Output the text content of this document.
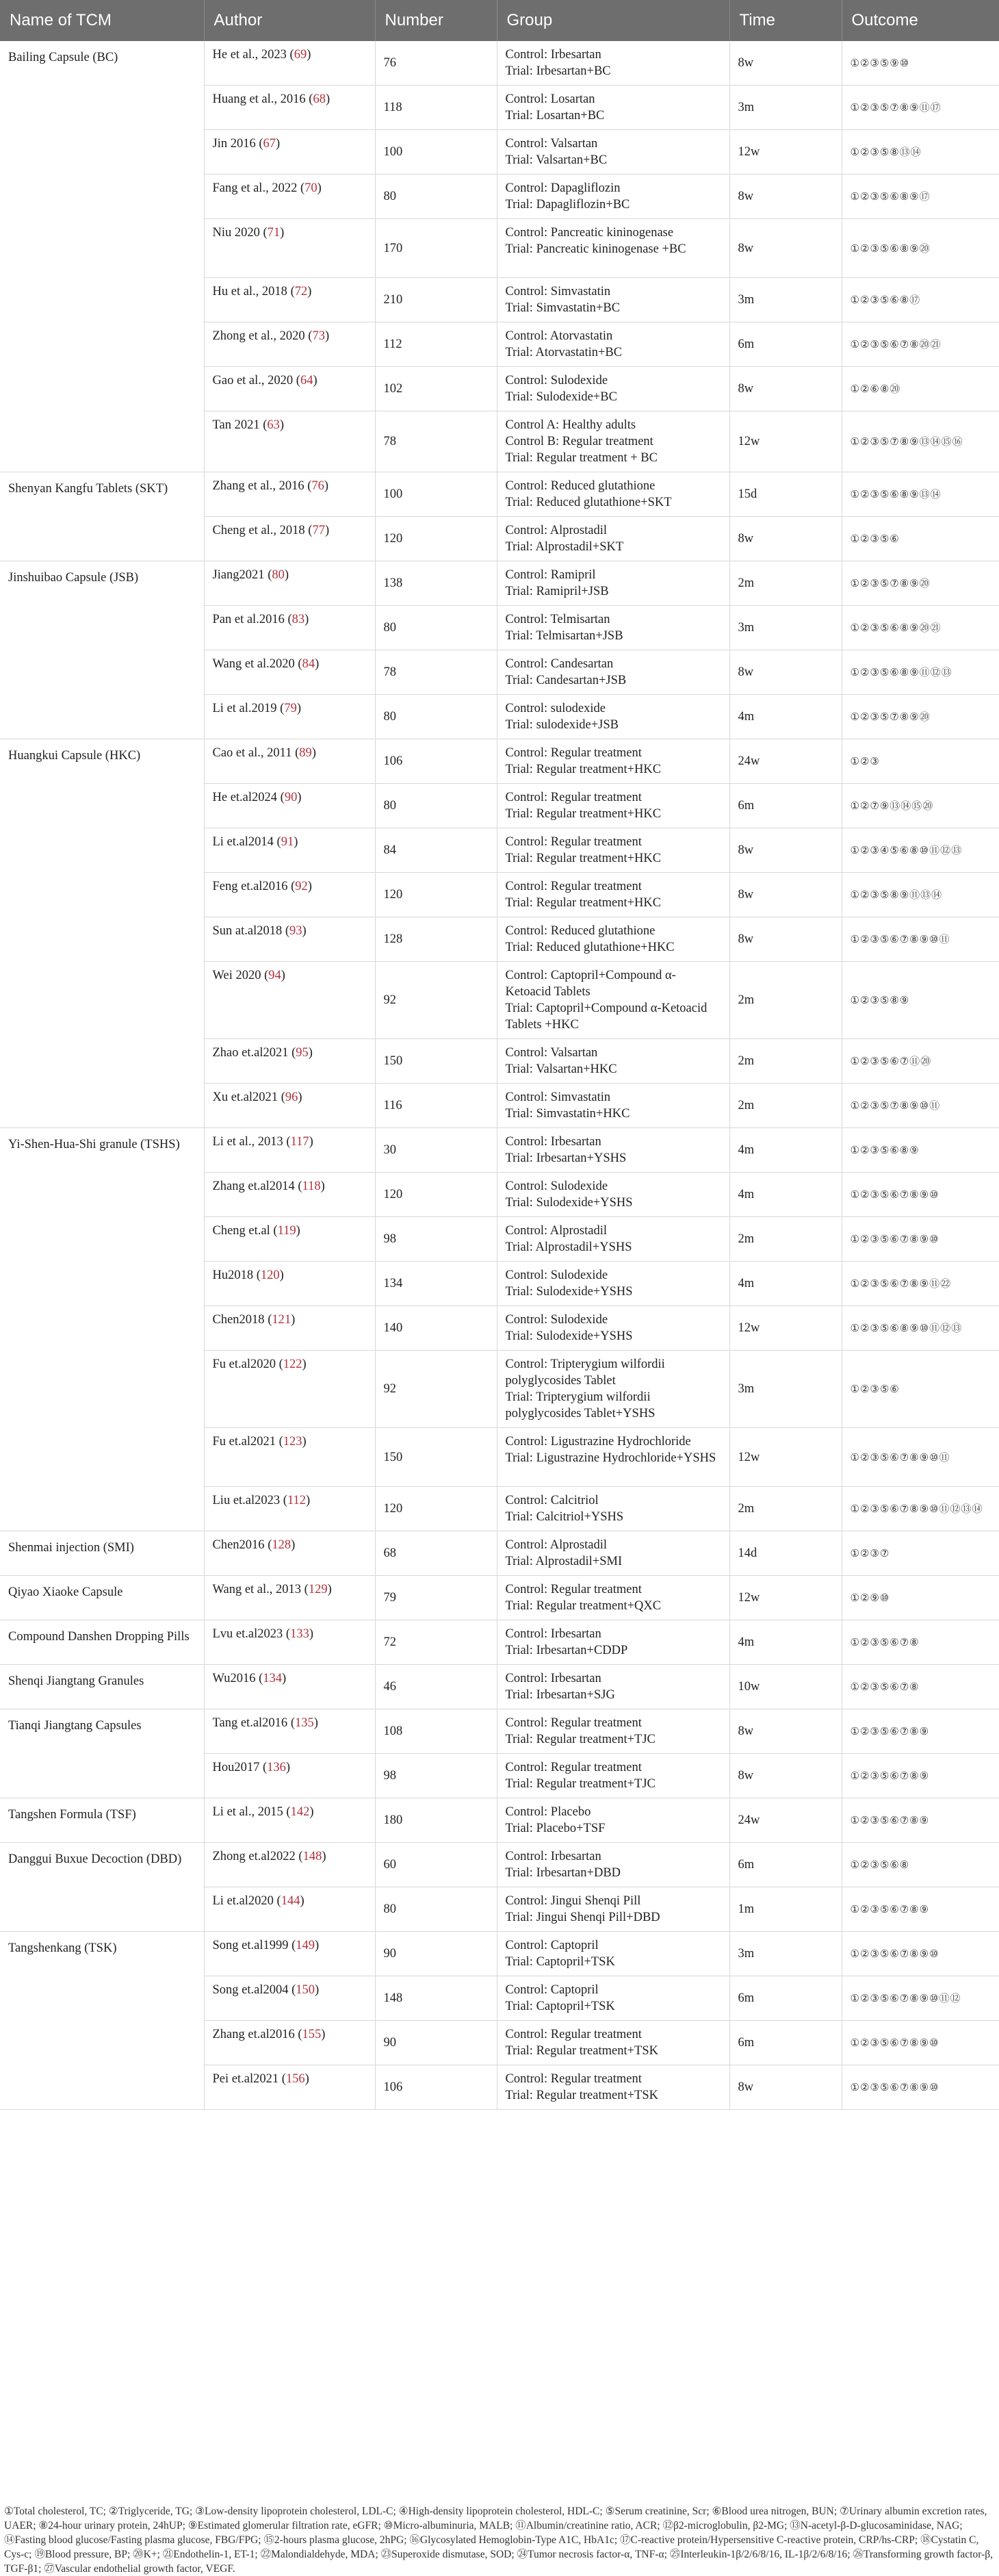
Name of TCM	Author	Number	Group	Time	Outcome
Bailing Capsule (BC)	He et al., 2023 (69)	76	Control: Irbesartan
Trial: Irbesartan+BC	8w	①②③⑤⑨⑩
	Huang et al., 2016 (68)	118	Control: Losartan
Trial: Losartan+BC	3m	①②③⑤⑦⑧⑨⑪⑰
	Jin 2016 (67)	100	Control: Valsartan
Trial: Valsartan+BC	12w	①②③⑤⑧⑬⑭
	Fang et al., 2022 (70)	80	Control: Dapagliflozin
Trial: Dapagliflozin+BC	8w	①②③⑤⑥⑧⑨⑰
	Niu 2020 (71)	170	Control: Pancreatic kininogenase
Trial: Pancreatic kininogenase +BC	8w	①②③⑤⑥⑧⑨⑳
	Hu et al., 2018 (72)	210	Control: Simvastatin
Trial: Simvastatin+BC	3m	①②③⑤⑥⑧⑰
	Zhong et al., 2020 (73)	112	Control: Atorvastatin
Trial: Atorvastatin+BC	6m	①②③⑤⑥⑦⑧⑳㉑
	Gao et al., 2020 (64)	102	Control: Sulodexide
Trial: Sulodexide+BC	8w	①②⑥⑧⑳
	Tan 2021 (63)	78	Control A: Healthy adults
Control B: Regular treatment
Trial: Regular treatment + BC	12w	①②③⑤⑦⑧⑨⑬⑭⑮⑯
Shenyan Kangfu Tablets (SKT)	Zhang et al., 2016 (76)	100	Control: Reduced glutathione
Trial: Reduced glutathione+SKT	15d	①②③⑤⑥⑧⑨⑬⑭
	Cheng et al., 2018 (77)	120	Control: Alprostadil
Trial: Alprostadil+SKT	8w	①②③⑤⑥
Jinshuibao Capsule (JSB)	Jiang2021 (80)	138	Control: Ramipril
Trial: Ramipril+JSB	2m	①②③⑤⑦⑧⑨⑳
	Pan et al.2016 (83)	80	Control: Telmisartan
Trial: Telmisartan+JSB	3m	①②③⑤⑥⑧⑨⑳㉑
	Wang et al.2020 (84)	78	Control: Candesartan
Trial: Candesartan+JSB	8w	①②③⑤⑥⑧⑨⑪⑫⑬
	Li et al.2019 (79)	80	Control: sulodexide
Trial: sulodexide+JSB	4m	①②③⑤⑦⑧⑨⑳
Huangkui Capsule (HKC)	Cao et al., 2011 (89)	106	Control: Regular treatment
Trial: Regular treatment+HKC	24w	①②③
	He et.al2024 (90)	80	Control: Regular treatment
Trial: Regular treatment+HKC	6m	①②⑦⑨⑬⑭⑮⑳
	Li et.al2014 (91)	84	Control: Regular treatment
Trial: Regular treatment+HKC	8w	①②③④⑤⑥⑧⑩⑪⑫⑬
	Feng et.al2016 (92)	120	Control: Regular treatment
Trial: Regular treatment+HKC	8w	①②③⑤⑧⑨⑪⑬⑭
	Sun at.al2018 (93)	128	Control: Reduced glutathione
Trial: Reduced glutathione+HKC	8w	①②③⑤⑥⑦⑧⑨⑩⑪
	Wei 2020 (94)	92	Control: Captopril+Compound α-Ketoacid Tablets
Trial: Captopril+Compound α-Ketoacid Tablets +HKC	2m	①②③⑤⑧⑨
	Zhao et.al2021 (95)	150	Control: Valsartan
Trial: Valsartan+HKC	2m	①②③⑤⑥⑦⑪⑳
	Xu et.al2021 (96)	116	Control: Simvastatin
Trial: Simvastatin+HKC	2m	①②③⑤⑦⑧⑨⑩⑪
Yi-Shen-Hua-Shi granule (TSHS)	Li et al., 2013 (117)	30	Control: Irbesartan
Trial: Irbesartan+YSHS	4m	①②③⑤⑥⑧⑨
	Zhang et.al2014 (118)	120	Control: Sulodexide
Trial: Sulodexide+YSHS	4m	①②③⑤⑥⑦⑧⑨⑩
	Cheng et.al (119)	98	Control: Alprostadil
Trial: Alprostadil+YSHS	2m	①②③⑤⑥⑦⑧⑨⑩
	Hu2018 (120)	134	Control: Sulodexide
Trial: Sulodexide+YSHS	4m	①②③⑤⑥⑦⑧⑨⑪㉒
	Chen2018 (121)	140	Control: Sulodexide
Trial: Sulodexide+YSHS	12w	①②③⑤⑥⑧⑨⑩⑪⑫⑬
	Fu et.al2020 (122)	92	Control: Tripterygium wilfordii polyglycosides Tablet
Trial: Tripterygium wilfordii polyglycosides Tablet+YSHS	3m	①②③⑤⑥
	Fu et.al2021 (123)	150	Control: Ligustrazine Hydrochloride
Trial: Ligustrazine Hydrochloride+YSHS	12w	①②③⑤⑥⑦⑧⑨⑩⑪
	Liu et.al2023 (112)	120	Control: Calcitriol
Trial: Calcitriol+YSHS	2m	①②③⑤⑥⑦⑧⑨⑩⑪⑫⑬⑭
Shenmai injection (SMI)	Chen2016 (128)	68	Control: Alprostadil
Trial: Alprostadil+SMI	14d	①②③⑦
Qiyao Xiaoke Capsule	Wang et al., 2013 (129)	79	Control: Regular treatment
Trial: Regular treatment+QXC	12w	①②⑨⑩
Compound Danshen Dropping Pills	Lvu et.al2023 (133)	72	Control: Irbesartan
Trial: Irbesartan+CDDP	4m	①②③⑤⑥⑦⑧
Shenqi Jiangtang Granules	Wu2016 (134)	46	Control: Irbesartan
Trial: Irbesartan+SJG	10w	①②③⑤⑥⑦⑧
Tianqi Jiangtang Capsules	Tang et.al2016 (135)	108	Control: Regular treatment
Trial: Regular treatment+TJC	8w	①②③⑤⑥⑦⑧⑨
	Hou2017 (136)	98	Control: Regular treatment
Trial: Regular treatment+TJC	8w	①②③⑤⑥⑦⑧⑨
Tangshen Formula (TSF)	Li et al., 2015 (142)	180	Control: Placebo
Trial: Placebo+TSF	24w	①②③⑤⑥⑦⑧⑨
Danggui Buxue Decoction (DBD)	Zhong et.al2022 (148)	60	Control: Irbesartan
Trial: Irbesartan+DBD	6m	①②③⑤⑥⑧
	Li et.al2020 (144)	80	Control: Jingui Shenqi Pill
Trial: Jingui Shenqi Pill+DBD	1m	①②③⑤⑥⑦⑧⑨
Tangshenkang (TSK)	Song et.al1999 (149)	90	Control: Captopril
Trial: Captopril+TSK	3m	①②③⑤⑥⑦⑧⑨⑩
	Song et.al2004 (150)	148	Control: Captopril
Trial: Captopril+TSK	6m	①②③⑤⑥⑦⑧⑨⑩⑪⑫
	Zhang et.al2016 (155)	90	Control: Regular treatment
Trial: Regular treatment+TSK	6m	①②③⑤⑥⑦⑧⑨⑩
	Pei et.al2021 (156)	106	Control: Regular treatment
Trial: Regular treatment+TSK	8w	①②③⑤⑥⑦⑧⑨⑩
①Total cholesterol, TC; ②Triglyceride, TG; ③Low-density lipoprotein cholesterol, LDL-C; ④High-density lipoprotein cholesterol, HDL-C; ⑤Serum creatinine, Scr; ⑥Blood urea nitrogen, BUN; ⑦Urinary albumin excretion rates, UAER; ⑧24-hour urinary protein, 24hUP; ⑨Estimated glomerular filtration rate, eGFR; ⑩Micro-albuminuria, MALB; ⑪Albumin/creatinine ratio, ACR; ⑫β2-microglobulin, β2-MG; ⑬N-acetyl-β-D-glucosaminidase, NAG; ⑭Fasting blood glucose/Fasting plasma glucose, FBG/FPG; ⑮2-hours plasma glucose, 2hPG; ⑯Glycosylated Hemoglobin-Type A1C, HbA1c; ⑰C-reactive protein/Hypersensitive C-reactive protein, CRP/hs-CRP; ⑱Cystatin C, Cys-c; ⑲Blood pressure, BP; ⑳K+; ㉑Endothelin-1, ET-1; ㉒Malondialdehyde, MDA; ㉓Superoxide dismutase, SOD; ㉔Tumor necrosis factor-α, TNF-α; ㉕Interleukin-1β/2/6/8/16, IL-1β/2/6/8/16; ㉖Transforming growth factor-β, TGF-β1; ㉗Vascular endothelial growth factor, VEGF.
